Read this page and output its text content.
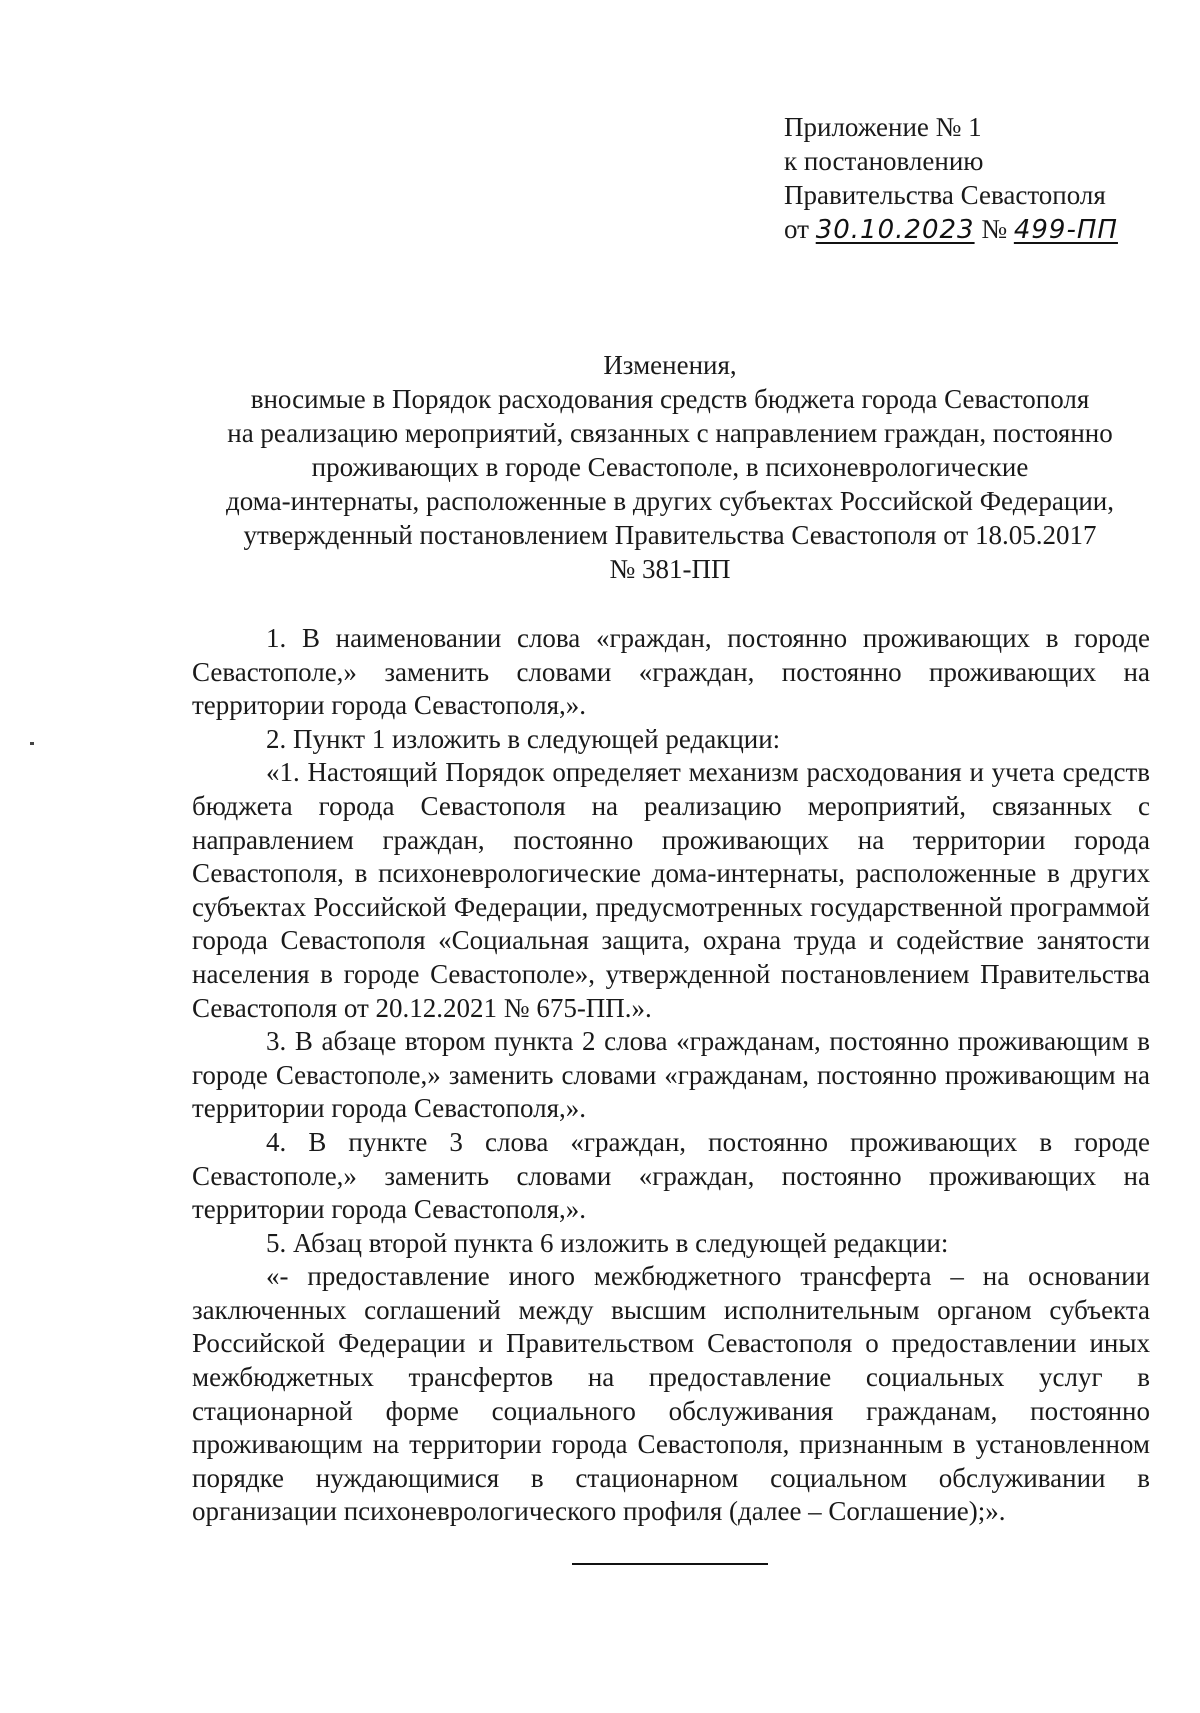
Приложение № 1
к постановлению
Правительства Севастополя
от 30.10.2023 № 499-ПП
Изменения,
вносимые в Порядок расходования средств бюджета города Севастополя
на реализацию мероприятий, связанных с направлением граждан, постоянно
проживающих в городе Севастополе, в психоневрологические
дома-интернаты, расположенные в других субъектах Российской Федерации,
утвержденный постановлением Правительства Севастополя от 18.05.2017
№ 381-ПП

1. В наименовании слова «граждан, постоянно проживающих в городе Севастополе,» заменить словами «граждан, постоянно проживающих на территории города Севастополя,».

2. Пункт 1 изложить в следующей редакции:

«1. Настоящий Порядок определяет механизм расходования и учета средств бюджета города Севастополя на реализацию мероприятий, связанных с направлением граждан, постоянно проживающих на территории города Севастополя, в психоневрологические дома-интернаты, расположенные в других субъектах Российской Федерации, предусмотренных государственной программой города Севастополя «Социальная защита, охрана труда и содействие занятости населения в городе Севастополе», утвержденной постановлением Правительства Севастополя от 20.12.2021 № 675-ПП.».

3. В абзаце втором пункта 2 слова «гражданам, постоянно проживающим в городе Севастополе,» заменить словами «гражданам, постоянно проживающим на территории города Севастополя,».

4. В пункте 3 слова «граждан, постоянно проживающих в городе Севастополе,» заменить словами «граждан, постоянно проживающих на территории города Севастополя,».

5. Абзац второй пункта 6 изложить в следующей редакции:

«- предоставление иного межбюджетного трансферта – на основании заключенных соглашений между высшим исполнительным органом субъекта Российской Федерации и Правительством Севастополя о предоставлении иных межбюджетных трансфертов на предоставление социальных услуг в стационарной форме социального обслуживания гражданам, постоянно проживающим на территории города Севастополя, признанным в установленном порядке нуждающимися в стационарном социальном обслуживании в организации психоневрологического профиля (далее – Соглашение);».
